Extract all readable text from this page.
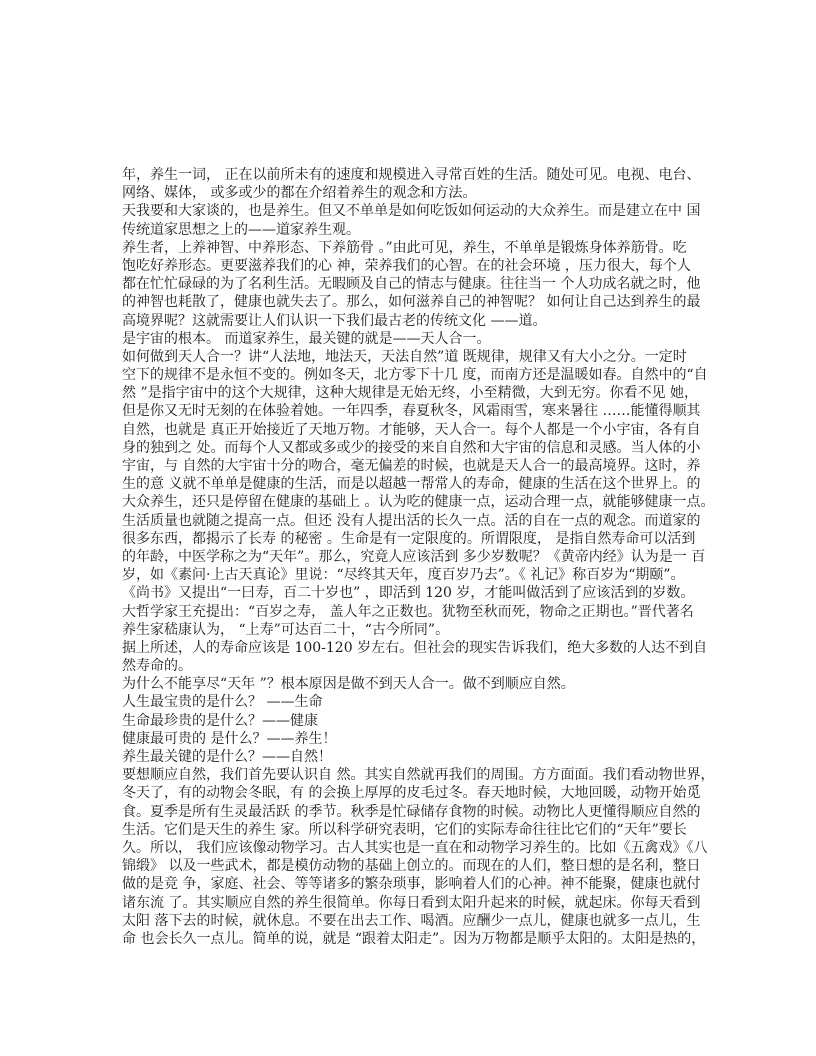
年，养生一词， 正在以前所未有的速度和规模进入寻常百姓的生活。随处可见。电视、电台、
网络、媒体， 或多或少的都在介绍着养生的观念和方法。
天我要和大家谈的，也是养生。但又不单单是如何吃饭如何运动的大众养生。而是建立在中 国
传统道家思想之上的——道家养生观。
养生者，上养神智、中养形态、下养筋骨 。”由此可见，养生，不单单是锻炼身体养筋骨。吃
饱吃好养形态。更要滋养我们的心 神，荣养我们的心智。在的社会环境 ，压力很大，每个人
都在忙忙碌碌的为了名利生活。无暇顾及自己的情志与健康。往往当一 个人功成名就之时，他
的神智也耗散了，健康也就失去了。那么，如何滋养自己的神智呢？ 如何让自己达到养生的最
高境界呢？这就需要让人们认识一下我们最古老的传统文化 ——道。
是宇宙的根本。 而道家养生，最关键的就是——天人合一。
如何做到天人合一？讲“人法地，地法天，天法自然”道 既规律，规律又有大小之分。一定时
空下的规律不是永恒不变的。例如冬天，北方零下十几 度，而南方还是温暖如春。自然中的“自
然 ”是指宇宙中的这个大规律，这种大规律是无始无终，小至精微，大到无穷。你看不见 她，
但是你又无时无刻的在体验着她。一年四季，春夏秋冬，风霜雨雪，寒来暑往 ……能懂得顺其
自然，也就是 真正开始接近了天地万物。才能够，天人合一。每个人都是一个小宇宙，各有自
身的独到之 处。而每个人又都或多或少的接受的来自自然和大宇宙的信息和灵感。当人体的小
宇宙，与 自然的大宇宙十分的吻合，毫无偏差的时候，也就是天人合一的最高境界。这时，养
生的意 义就不单单是健康的生活，而是以超越一帮常人的寿命，健康的生活在这个世界上。的
大众养生，还只是停留在健康的基础上 。认为吃的健康一点，运动合理一点，就能够健康一点。
生活质量也就随之提高一点。但还 没有人提出活的长久一点。活的自在一点的观念。而道家的
很多东西，都揭示了长寿 的秘密 。生命是有一定限度的。所谓限度， 是指自然寿命可以活到
的年龄，中医学称之为“天年”。那么，究竟人应该活到 多少岁数呢？《黄帝内经》认为是一 百
岁，如《素问·上古天真论》里说：“尽终其天年，度百岁乃去”。《 礼记》称百岁为“期颐”。
《尚书》又提出“一曰寿，百二十岁也” ，即活到 120 岁，才能叫做活到了应该活到的岁数。
大哲学家王充提出：“百岁之寿， 盖人年之正数也。犹物至秋而死，物命之正期也。”晋代著名
养生家嵇康认为， “上寿”可达百二十，“古今所同”。
据上所述，人的寿命应该是 100-120 岁左右。但社会的现实告诉我们，绝大多数的人达不到自
然寿命的。
为什么不能享尽“天年 ”？根本原因是做不到天人合一。做不到顺应自然。
人生最宝贵的是什么？ ——生命
生命最珍贵的是什么？——健康
健康最可贵的 是什么？——养生！
养生最关键的是什么？——自然！
要想顺应自然，我们首先要认识自 然。其实自然就再我们的周围。方方面面。我们看动物世界，
冬天了，有的动物会冬眠，有 的会换上厚厚的皮毛过冬。春天地时候，大地回暖，动物开始觅
食。夏季是所有生灵最活跃 的季节。秋季是忙碌储存食物的时候。动物比人更懂得顺应自然的
生活。它们是天生的养生 家。所以科学研究表明，它们的实际寿命往往比它们的“天年”要长
久。所以， 我们应该像动物学习。古人其实也是一直在和动物学习养生的。比如《五禽戏》《八
锦缎》 以及一些武术，都是模仿动物的基础上创立的。而现在的人们，整日想的是名利，整日
做的是竞 争，家庭、社会、等等诸多的繁杂琐事，影响着人们的心神。神不能聚，健康也就付
诸东流 了。其实顺应自然的养生很简单。你每日看到太阳升起来的时候，就起床。你每天看到
太阳 落下去的时候，就休息。不要在出去工作、喝酒。应酬少一点儿，健康也就多一点儿，生
命 也会长久一点儿。简单的说，就是 “跟着太阳走”。因为万物都是顺乎太阳的。太阳是热的，
